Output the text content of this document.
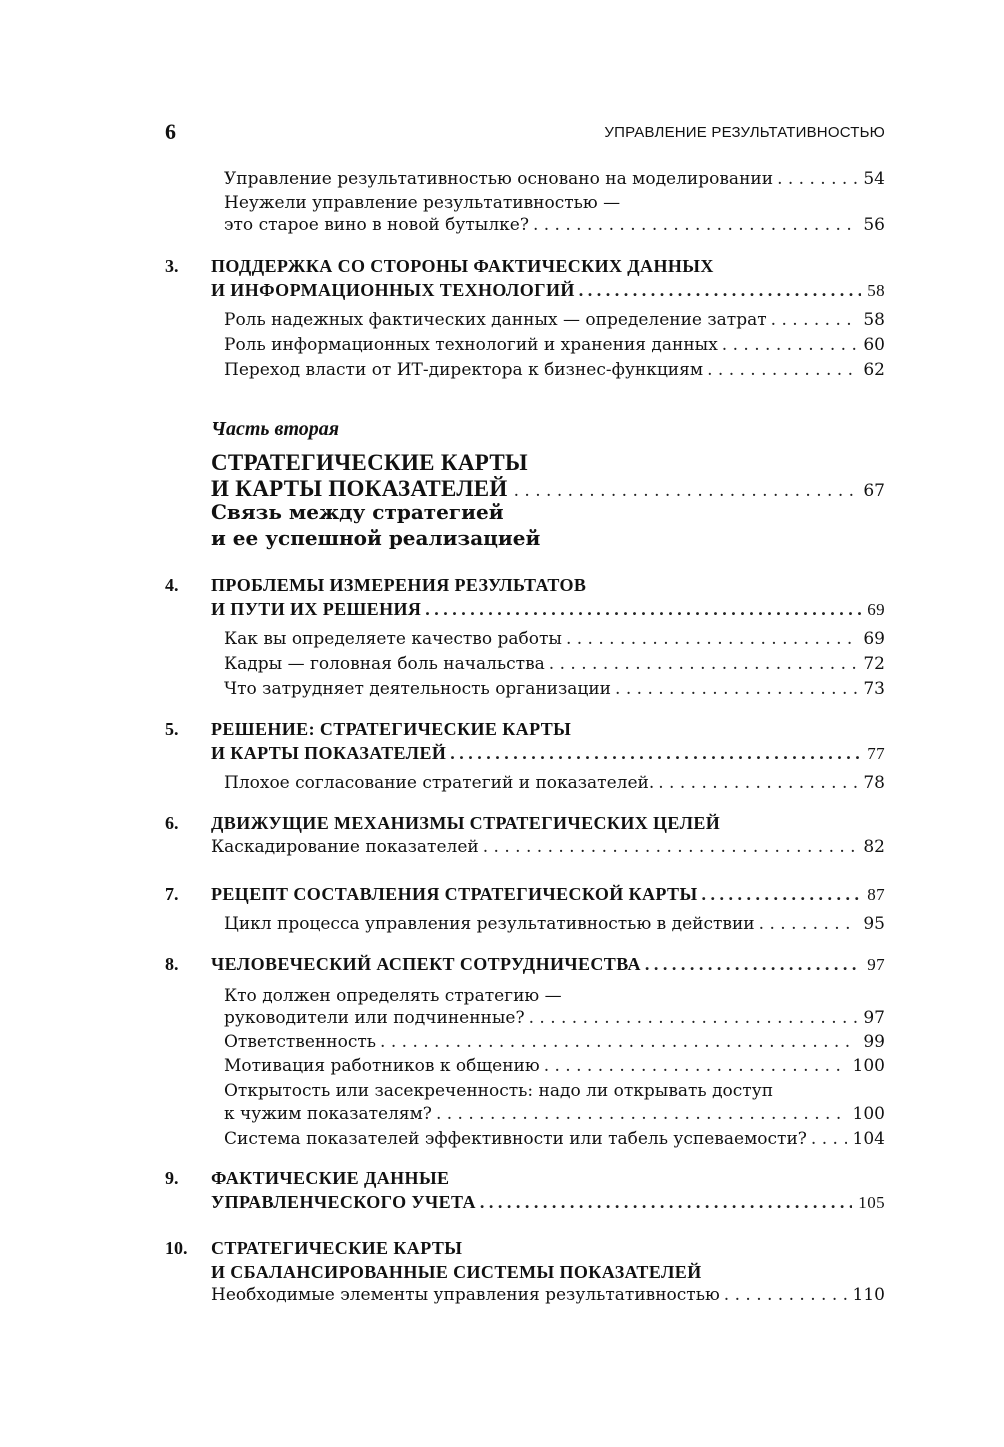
6	УПРАВЛЕНИЕ РЕЗУЛЬТАТИВНОСТЬЮ
Управление результативностью основано на моделировании . . .	54
Неужели управление результативностью —
это старое вино в новой бутылке? . . .	56
3. ПОДДЕРЖКА СО СТОРОНЫ ФАКТИЧЕСКИХ ДАННЫХ
И ИНФОРМАЦИОННЫХ ТЕХНОЛОГИЙ . . .	58
Роль надежных фактических данных — определение затрат . . .	58
Роль информационных технологий и хранения данных . . .	60
Переход власти от ИТ-директора к бизнес-функциям . . .	62
Часть вторая
СТРАТЕГИЧЕСКИЕ КАРТЫ
И КАРТЫ ПОКАЗАТЕЛЕЙ . . .	67
Связь между стратегией
и ее успешной реализацией
4. ПРОБЛЕМЫ ИЗМЕРЕНИЯ РЕЗУЛЬТАТОВ
И ПУТИ ИХ РЕШЕНИЯ . . .	69
Как вы определяете качество работы . . .	69
Кадры — головная боль начальства . . .	72
Что затрудняет деятельность организации . . .	73
5. РЕШЕНИЕ: СТРАТЕГИЧЕСКИЕ КАРТЫ
И КАРТЫ ПОКАЗАТЕЛЕЙ . . .	77
Плохое согласование стратегий и показателей. . . .	78
6. ДВИЖУЩИЕ МЕХАНИЗМЫ СТРАТЕГИЧЕСКИХ ЦЕЛЕЙ
Каскадирование показателей . . .	82
7. РЕЦЕПТ СОСТАВЛЕНИЯ СТРАТЕГИЧЕСКОЙ КАРТЫ . . .	87
Цикл процесса управления результативностью в действии . . .	95
8. ЧЕЛОВЕЧЕСКИЙ АСПЕКТ СОТРУДНИЧЕСТВА . . .	97
Кто должен определять стратегию —
руководители или подчиненные? . . .	97
Ответственность . . .	99
Мотивация работников к общению . . .	100
Открытость или засекреченность: надо ли открывать доступ
к чужим показателям? . . .	100
Система показателей эффективности или табель успеваемости? . . .	104
9. ФАКТИЧЕСКИЕ ДАННЫЕ
УПРАВЛЕНЧЕСКОГО УЧЕТА . . .	105
10. СТРАТЕГИЧЕСКИЕ КАРТЫ
И СБАЛАНСИРОВАННЫЕ СИСТЕМЫ ПОКАЗАТЕЛЕЙ
Необходимые элементы управления результативностью . . .	110
